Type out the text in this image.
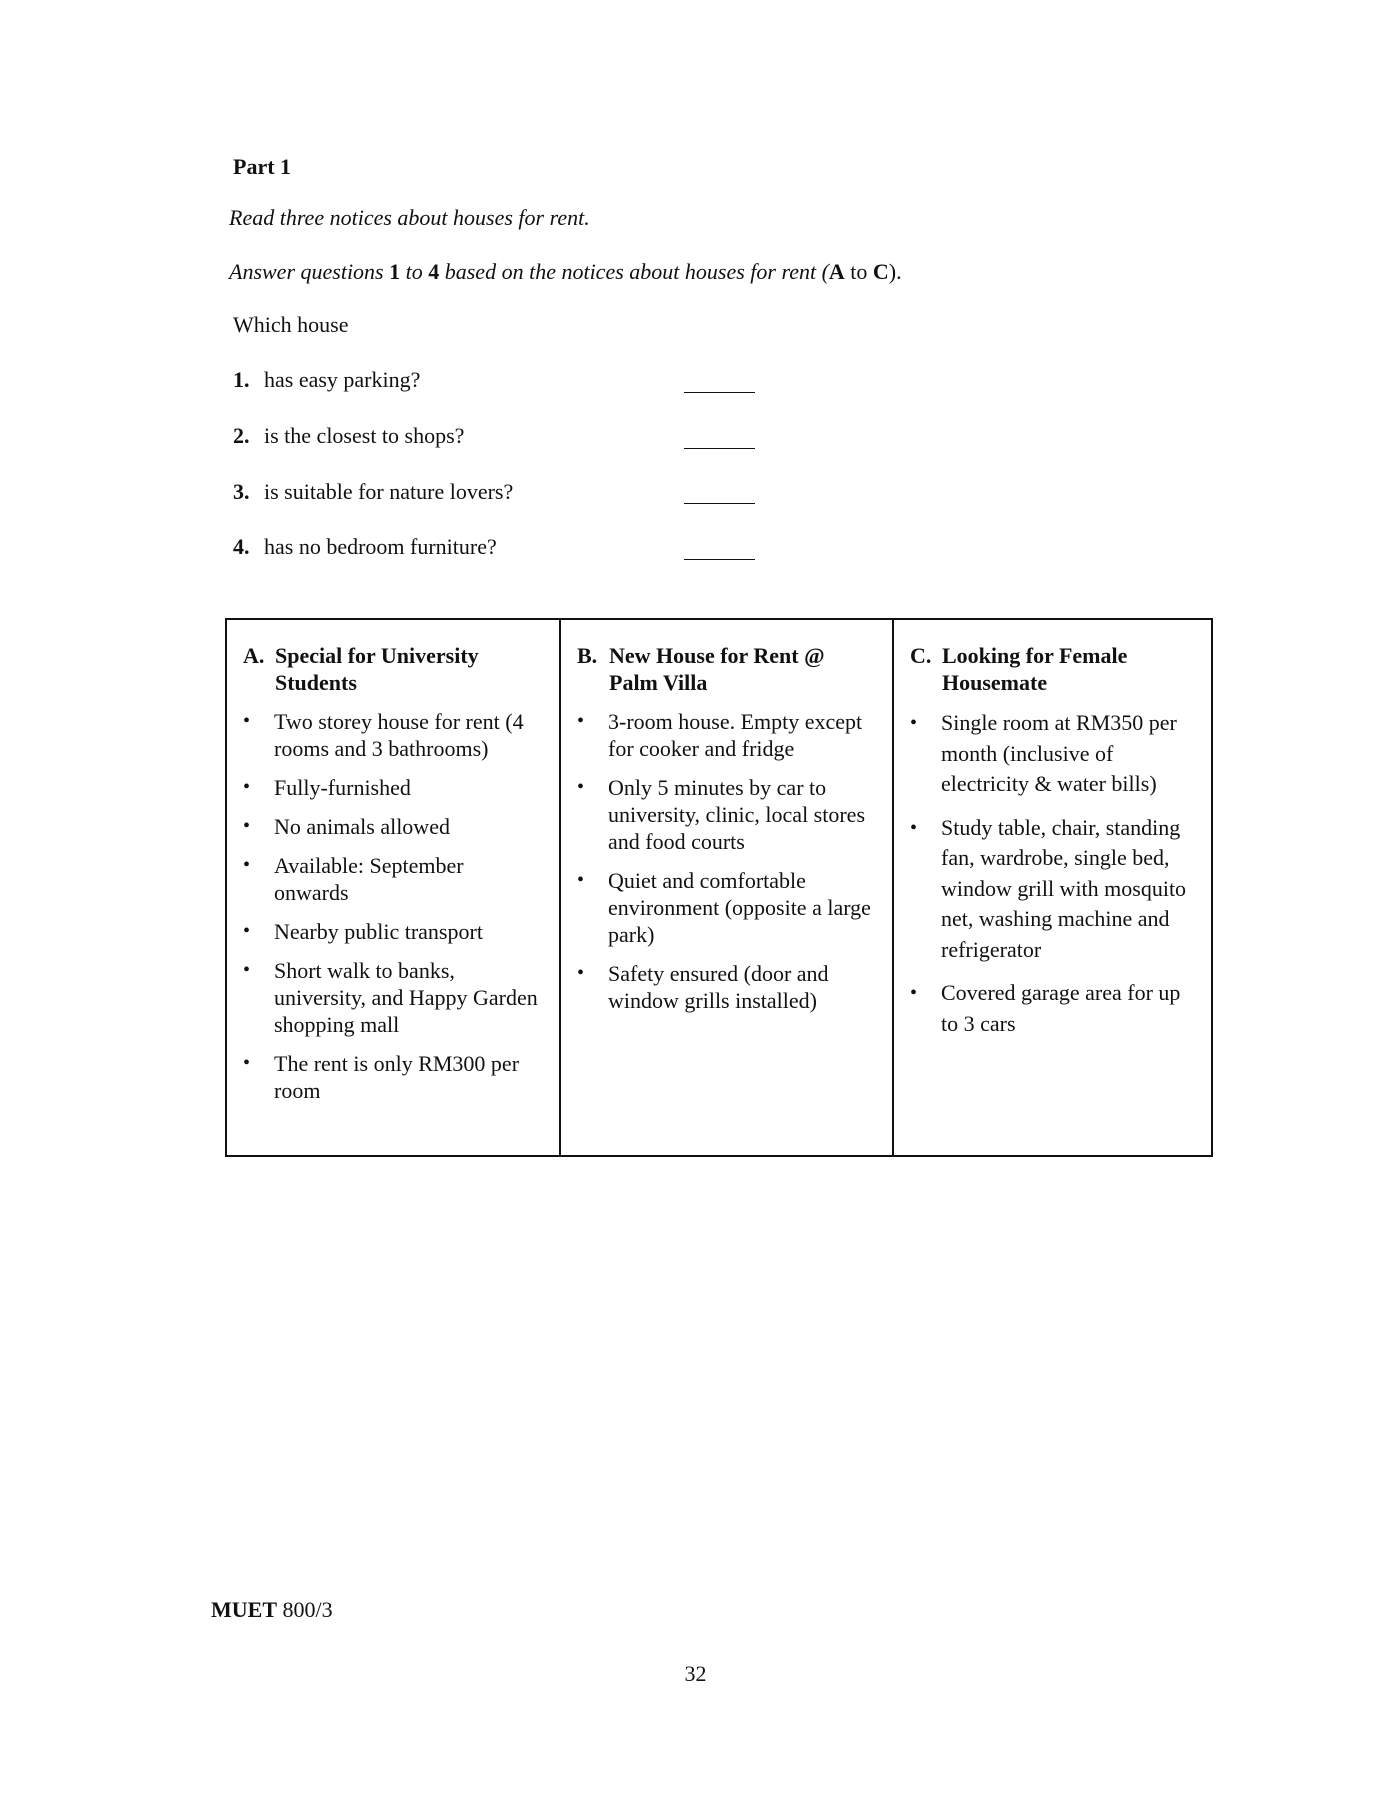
Part 1
Read three notices about houses for rent.
Answer questions 1 to 4 based on the notices about houses for rent (A to C).
Which house
1. has easy parking?
2. is the closest to shops?
3. is suitable for nature lovers?
4. has no bedroom furniture?
A. Special for University Students
•	Two storey house for rent (4 rooms and 3 bathrooms)
•	Fully-furnished
•	No animals allowed
•	Available: September onwards
•	Nearby public transport
•	Short walk to banks, university, and Happy Garden shopping mall
•	The rent is only RM300 per room
B. New House for Rent @ Palm Villa
•	3-room house. Empty except for cooker and fridge
•	Only 5 minutes by car to university, clinic, local stores and food courts
•	Quiet and comfortable environment (opposite a large park)
•	Safety ensured (door and window grills installed)
C. Looking for Female Housemate
•	Single room at RM350 per month (inclusive of electricity & water bills)
•	Study table, chair, standing fan, wardrobe, single bed, window grill with mosquito net, washing machine and refrigerator
•	Covered garage area for up to 3 cars
MUET 800/3
32
